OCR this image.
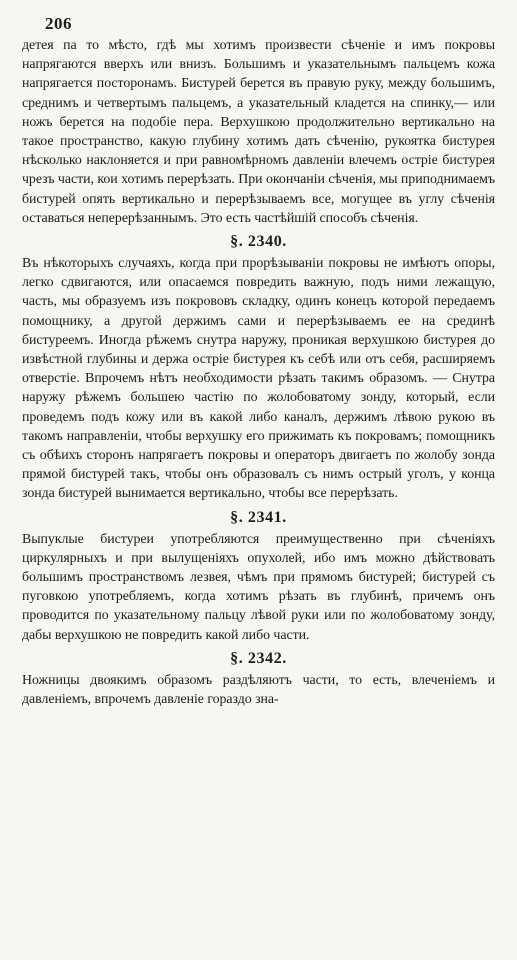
206

детея па то мѣсто, гдѣ мы хотимъ произвести сѣченіе и имъ покровы напрягаются вверхъ или внизъ. Большимъ и указательнымъ пальцемъ кожа напрягается посторонамъ. Бистурей берется въ правую руку, между большимъ, среднимъ и четвертымъ пальцемъ, а указательный кладется на спинку,— или ножъ берется на подобіе пера. Верхушкою продолжительно вертикально на такое пространство, какую глубину хотимъ дать сѣченію, рукоятка бистурея нѣсколько наклоняется и при равномѣрномъ давленіи влечемъ острiе бистурея чрезъ части, кои хотимъ перерѣзать. При окончаніи сѣченія, мы приподнимаемъ бистурей опять вертикально и перерѣзываемъ все, могущее въ углу сѣченія оставаться неперерѣзаннымъ. Это есть частѣйшій способъ сѣченія.

§. 2340.

Въ нѣкоторыхъ случаяхъ, когда при прорѣзываніи покровы не имѣютъ опоры, легко сдвигаются, или опасаемся повредить важную, подъ ними лежащую, часть, мы образуемъ изъ покрововъ складку, одинъ конецъ которой передаемъ помощнику, а другой держимъ сами и перерѣзываемъ ее на срединѣ бистуреемъ. Иногда рѣжемъ снутра наружу, проникая верхушкою бистурея до извѣстной глубины и держа острiе бистурея къ себѣ или отъ себя, расширяемъ отверстiе. Впрочемъ нѣтъ необходимости рѣзать такимъ образомъ. — Снутра наружу рѣжемъ большею частію по жолобоватому зонду, который, если проведемъ подъ кожу или въ какой либо каналъ, держимъ лѣвою рукою въ такомъ направленіи, чтобы верхушку его прижимать къ покровамъ; помощникъ съ обѣихъ сторонъ напрягаетъ покровы и операторъ двигаетъ по жолобу зонда прямой бистурей такъ, чтобы онъ образовалъ съ нимъ острый уголъ, у конца зонда бистурей вынимается вертикально, чтобы все перерѣзать.

§. 2341.

Выпуклые бистуреи употребляются преимущественно при сѣченіяхъ циркулярныхъ и при вылущеніяхъ опухолей, ибо имъ можно дѣйствовать большимъ пространствомъ лезвея, чѣмъ при прямомъ бистурей; бистурей съ пуговкою употребляемъ, когда хотимъ рѣзать въ глубинѣ, причемъ онъ проводится по указательному пальцу лѣвой руки или по жолобоватому зонду, дабы верхушкою не повредить какой либо части.

§. 2342.

Ножницы двоякимъ образомъ раздѣляютъ части, то есть, влеченіемъ и давленіемъ, впрочемъ давленіе гораздо зна-
